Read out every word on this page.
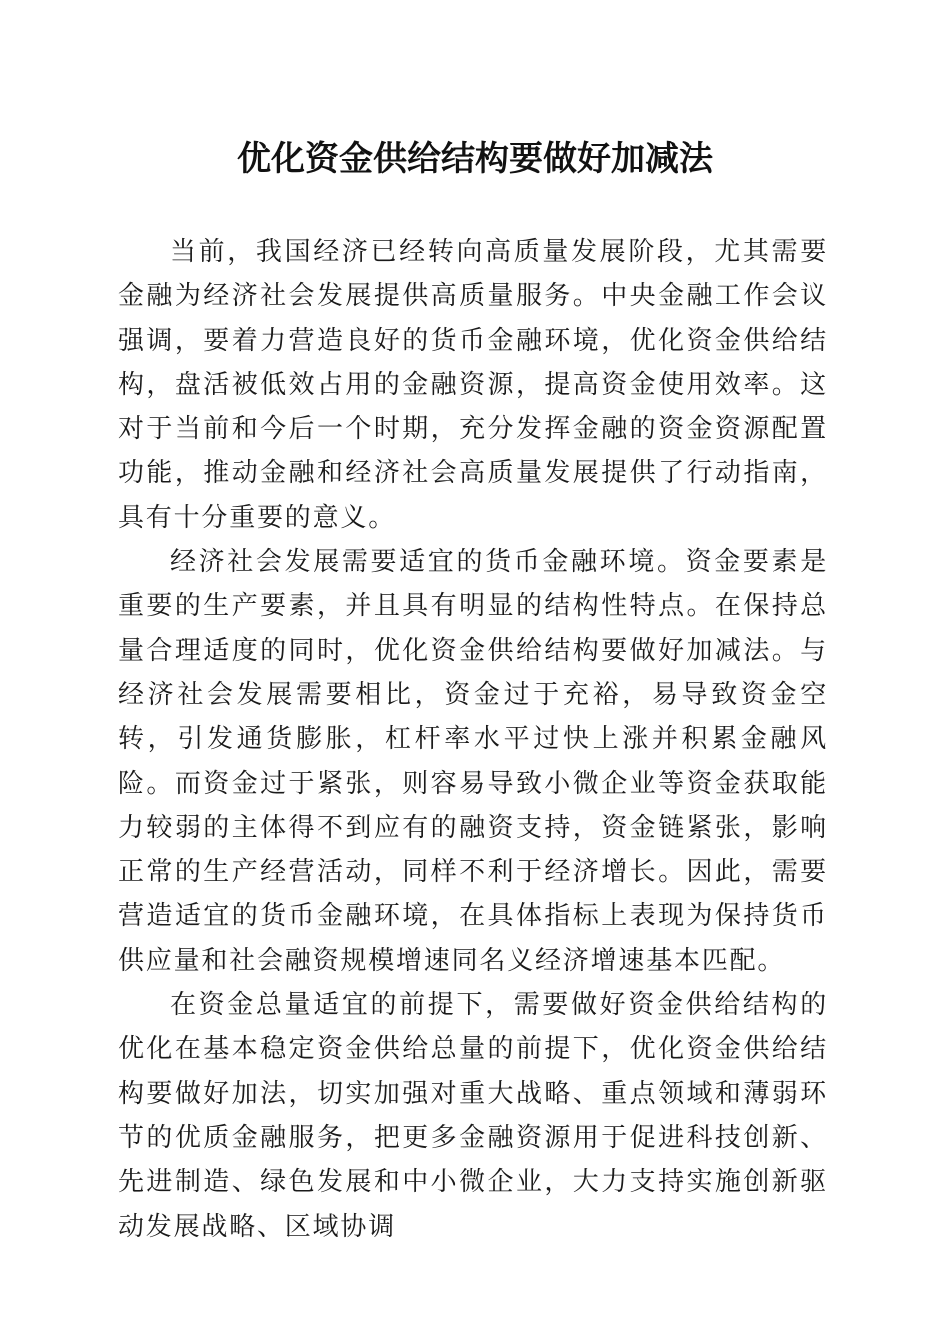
优化资金供给结构要做好加减法

当前，我国经济已经转向高质量发展阶段，尤其需要金融为经济社会发展提供高质量服务。中央金融工作会议强调，要着力营造良好的货币金融环境，优化资金供给结构，盘活被低效占用的金融资源，提高资金使用效率。这对于当前和今后一个时期，充分发挥金融的资金资源配置功能，推动金融和经济社会高质量发展提供了行动指南，具有十分重要的意义。

经济社会发展需要适宜的货币金融环境。资金要素是重要的生产要素，并且具有明显的结构性特点。在保持总量合理适度的同时，优化资金供给结构要做好加减法。与经济社会发展需要相比，资金过于充裕，易导致资金空转，引发通货膨胀，杠杆率水平过快上涨并积累金融风险。而资金过于紧张，则容易导致小微企业等资金获取能力较弱的主体得不到应有的融资支持，资金链紧张，影响正常的生产经营活动，同样不利于经济增长。因此，需要营造适宜的货币金融环境，在具体指标上表现为保持货币供应量和社会融资规模增速同名义经济增速基本匹配。

在资金总量适宜的前提下，需要做好资金供给结构的优化在基本稳定资金供给总量的前提下，优化资金供给结构要做好加法，切实加强对重大战略、重点领域和薄弱环节的优质金融服务，把更多金融资源用于促进科技创新、先进制造、绿色发展和中小微企业，大力支持实施创新驱动发展战略、区域协调
